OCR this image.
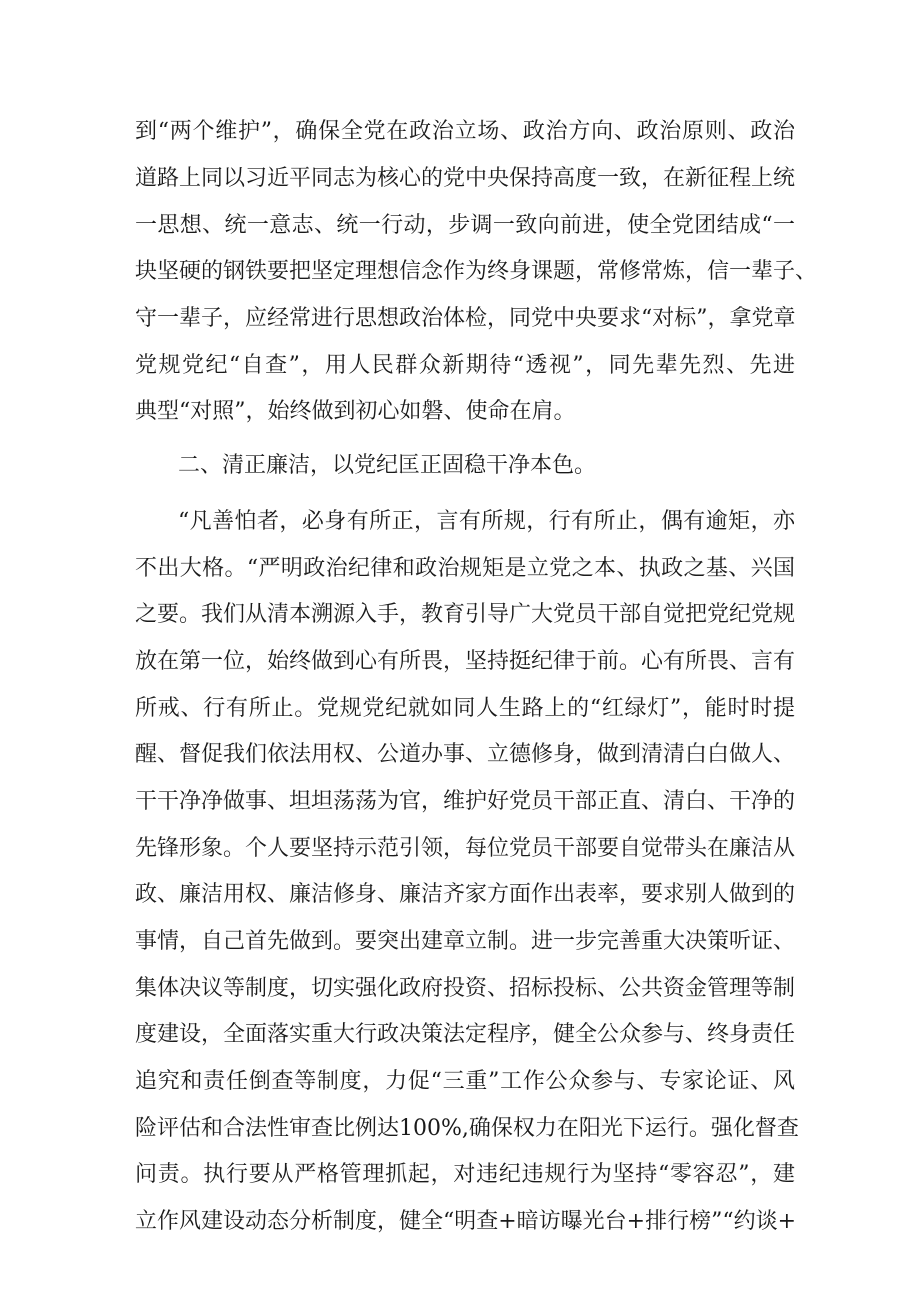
到“两个维护”，确保全党在政治立场、政治方向、政治原则、政治
道路上同以习近平同志为核心的党中央保持高度一致，在新征程上统
一思想、统一意志、统一行动，步调一致向前进，使全党团结成“一
块坚硬的钢铁要把坚定理想信念作为终身课题，常修常炼，信一辈子、
守一辈子，应经常进行思想政治体检，同党中央要求“对标”，拿党章
党规党纪“自查”，用人民群众新期待“透视”，同先辈先烈、先进
典型“对照”，始终做到初心如磐、使命在肩。
二、清正廉洁，以党纪匡正固稳干净本色。
“凡善怕者，必身有所正，言有所规，行有所止，偶有逾矩，亦
不出大格。“严明政治纪律和政治规矩是立党之本、执政之基、兴国
之要。我们从清本溯源入手，教育引导广大党员干部自觉把党纪党规
放在第一位，始终做到心有所畏，坚持挺纪律于前。心有所畏、言有
所戒、行有所止。党规党纪就如同人生路上的“红绿灯”，能时时提
醒、督促我们依法用权、公道办事、立德修身，做到清清白白做人、
干干净净做事、坦坦荡荡为官，维护好党员干部正直、清白、干净的
先锋形象。个人要坚持示范引领，每位党员干部要自觉带头在廉洁从
政、廉洁用权、廉洁修身、廉洁齐家方面作出表率，要求别人做到的
事情，自己首先做到。要突出建章立制。进一步完善重大决策听证、
集体决议等制度，切实强化政府投资、招标投标、公共资金管理等制
度建设，全面落实重大行政决策法定程序，健全公众参与、终身责任
追究和责任倒查等制度，力促“三重”工作公众参与、专家论证、风
险评估和合法性审查比例达100%,确保权力在阳光下运行。强化督查
问责。执行要从严格管理抓起，对违纪违规行为坚持“零容忍”，建
立作风建设动态分析制度，健全“明查+暗访曝光台+排行榜”“约谈+
